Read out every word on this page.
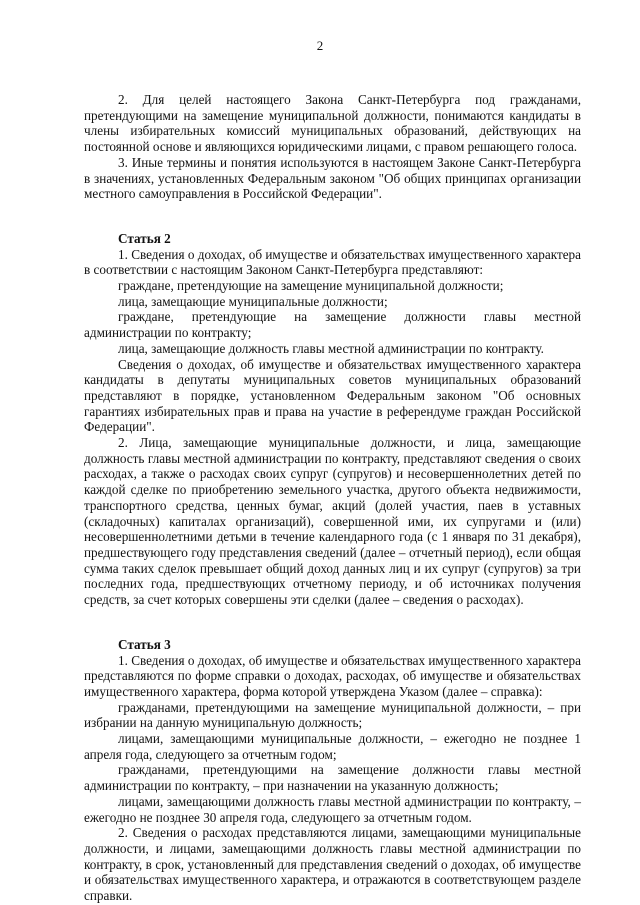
2

2. Для целей настоящего Закона Санкт-Петербурга под гражданами, претендующими на замещение муниципальной должности, понимаются кандидаты в члены избирательных комиссий муниципальных образований, действующих на постоянной основе и являющихся юридическими лицами, с правом решающего голоса.

3. Иные термины и понятия используются в настоящем Законе Санкт-Петербурга в значениях, установленных Федеральным законом "Об общих принципах организации местного самоуправления в Российской Федерации".

Статья 2

1. Сведения о доходах, об имуществе и обязательствах имущественного характера в соответствии с настоящим Законом Санкт-Петербурга представляют:

граждане, претендующие на замещение муниципальной должности;

лица, замещающие муниципальные должности;

граждане, претендующие на замещение должности главы местной администрации по контракту;

лица, замещающие должность главы местной администрации по контракту.

Сведения о доходах, об имуществе и обязательствах имущественного характера кандидаты в депутаты муниципальных советов муниципальных образований представляют в порядке, установленном Федеральным законом "Об основных гарантиях избирательных прав и права на участие в референдуме граждан Российской Федерации".

2. Лица, замещающие муниципальные должности, и лица, замещающие должность главы местной администрации по контракту, представляют сведения о своих расходах, а также о расходах своих супруг (супругов) и несовершеннолетних детей по каждой сделке по приобретению земельного участка, другого объекта недвижимости, транспортного средства, ценных бумаг, акций (долей участия, паев в уставных (складочных) капиталах организаций), совершенной ими, их супругами и (или) несовершеннолетними детьми в течение календарного года (с 1 января по 31 декабря), предшествующего году представления сведений (далее – отчетный период), если общая сумма таких сделок превышает общий доход данных лиц и их супруг (супругов) за три последних года, предшествующих отчетному периоду, и об источниках получения средств, за счет которых совершены эти сделки (далее – сведения о расходах).

Статья 3

1. Сведения о доходах, об имуществе и обязательствах имущественного характера представляются по форме справки о доходах, расходах, об имуществе и обязательствах имущественного характера, форма которой утверждена Указом (далее – справка):

гражданами, претендующими на замещение муниципальной должности, – при избрании на данную муниципальную должность;

лицами, замещающими муниципальные должности, – ежегодно не позднее 1 апреля года, следующего за отчетным годом;

гражданами, претендующими на замещение должности главы местной администрации по контракту, – при назначении на указанную должность;

лицами, замещающими должность главы местной администрации по контракту, – ежегодно не позднее 30 апреля года, следующего за отчетным годом.

2. Сведения о расходах представляются лицами, замещающими муниципальные должности, и лицами, замещающими должность главы местной администрации по контракту, в срок, установленный для представления сведений о доходах, об имуществе и обязательствах имущественного характера, и отражаются в соответствующем разделе справки.
